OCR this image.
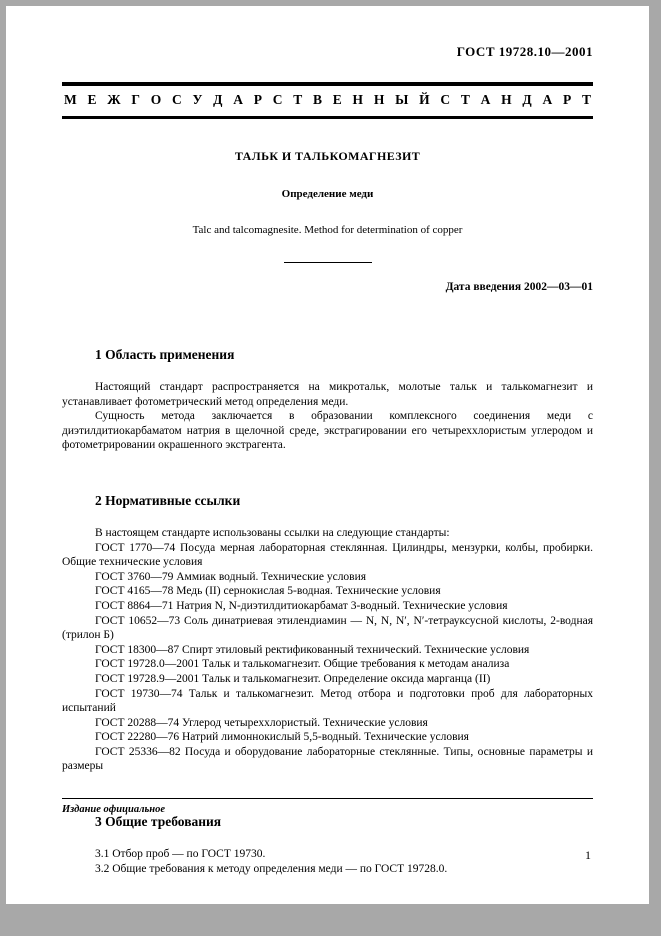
ГОСТ 19728.10—2001
М Е Ж Г О С У Д А Р С Т В Е Н Н Ы Й С Т А Н Д А Р Т
ТАЛЬК И ТАЛЬКОМАГНЕЗИТ
Определение меди
Talc and talcomagnesite. Method for determination of copper
Дата введения 2002—03—01
1 Область применения

Настоящий стандарт распространяется на микротальк, молотые тальк и талькомагнезит и устанавливает фотометрический метод определения меди.

Сущность метода заключается в образовании комплексного соединения меди с диэтилдитиокарбаматом натрия в щелочной среде, экстрагировании его четыреххлористым углеродом и фотометрировании окрашенного экстрагента.

2 Нормативные ссылки

В настоящем стандарте использованы ссылки на следующие стандарты:

ГОСТ 1770—74 Посуда мерная лабораторная стеклянная. Цилиндры, мензурки, колбы, пробирки. Общие технические условия

ГОСТ 3760—79 Аммиак водный. Технические условия

ГОСТ 4165—78 Медь (II) сернокислая 5-водная. Технические условия

ГОСТ 8864—71 Натрия N, N-диэтилдитиокарбамат 3-водный. Технические условия

ГОСТ 10652—73 Соль динатриевая этилендиамин — N, N, N′, N′-тетрауксусной кислоты, 2-водная (трилон Б)

ГОСТ 18300—87 Спирт этиловый ректификованный технический. Технические условия

ГОСТ 19728.0—2001 Тальк и талькомагнезит. Общие требования к методам анализа

ГОСТ 19728.9—2001 Тальк и талькомагнезит. Определение оксида марганца (II)

ГОСТ 19730—74 Тальк и талькомагнезит. Метод отбора и подготовки проб для лабораторных испытаний

ГОСТ 20288—74 Углерод четыреххлористый. Технические условия

ГОСТ 22280—76 Натрий лимоннокислый 5,5-водный. Технические условия

ГОСТ 25336—82 Посуда и оборудование лабораторные стеклянные. Типы, основные параметры и размеры

3 Общие требования

3.1 Отбор проб — по ГОСТ 19730.

3.2 Общие требования к методу определения меди — по ГОСТ 19728.0.

Издание официальное
1
